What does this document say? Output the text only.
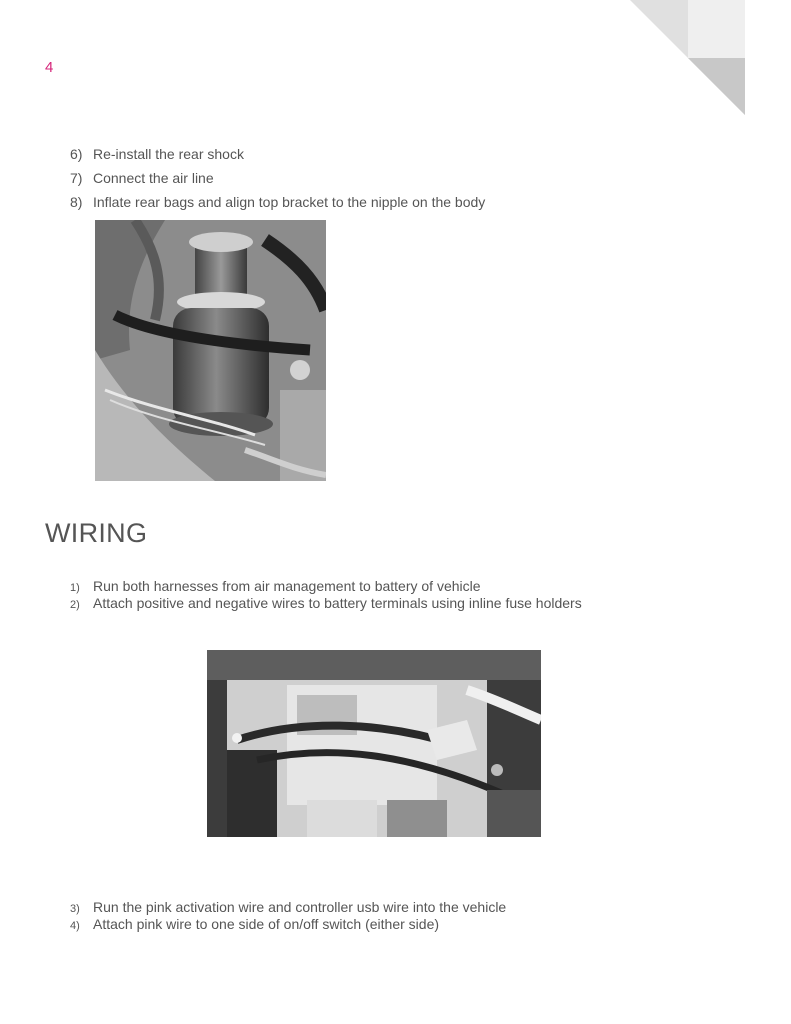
4
6) Re-install the rear shock
7) Connect the air line
8) Inflate rear bags and align top bracket to the nipple on the body
WIRING
1) Run both harnesses from air management to battery of vehicle
2) Attach positive and negative wires to battery terminals using inline fuse holders
3) Run the pink activation wire and controller usb wire into the vehicle
4) Attach pink wire to one side of on/off switch (either side)
